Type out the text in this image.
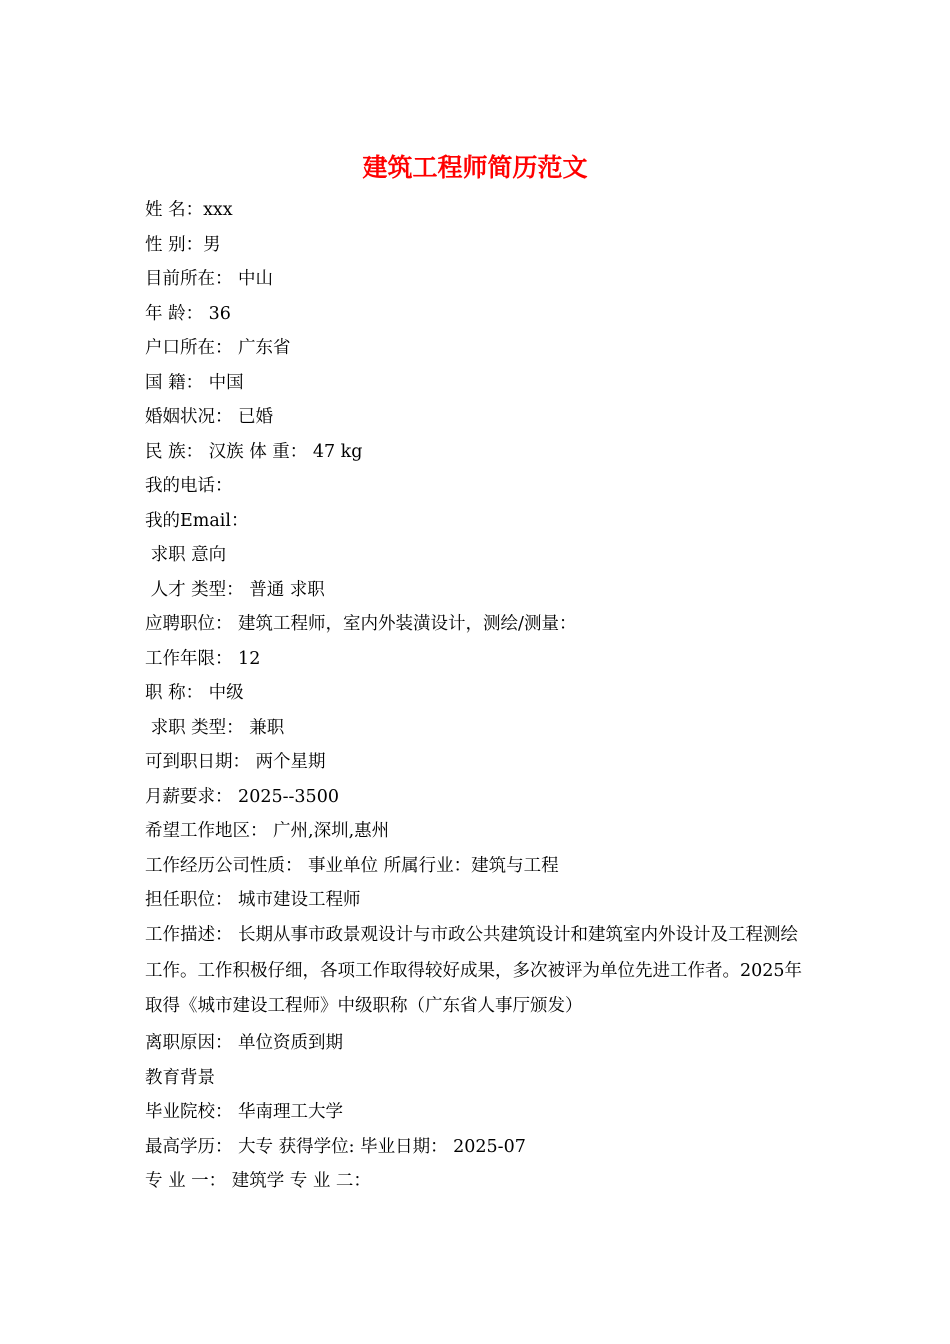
建筑工程师简历范文
姓 名：xxx
性 别：男
目前所在： 中山
年 龄： 36
户口所在： 广东省
国 籍： 中国
婚姻状况： 已婚
民 族： 汉族 体 重： 47 kg
我的电话：
我的Email：
求职 意向
人才 类型： 普通 求职
应聘职位： 建筑工程师，室内外装潢设计，测绘/测量：
工作年限： 12
职 称： 中级
求职 类型： 兼职
可到职日期： 两个星期
月薪要求： 2025--3500
希望工作地区： 广州,深圳,惠州
工作经历公司性质： 事业单位 所属行业：建筑与工程
担任职位： 城市建设工程师
工作描述： 长期从事市政景观设计与市政公共建筑设计和建筑室内外设计及工程测绘工作。工作积极仔细，各项工作取得较好成果，多次被评为单位先进工作者。2025年取得《城市建设工程师》中级职称（广东省人事厅颁发）
离职原因： 单位资质到期
教育背景
毕业院校： 华南理工大学
最高学历： 大专 获得学位: 毕业日期： 2025-07
专 业 一： 建筑学 专 业 二：
